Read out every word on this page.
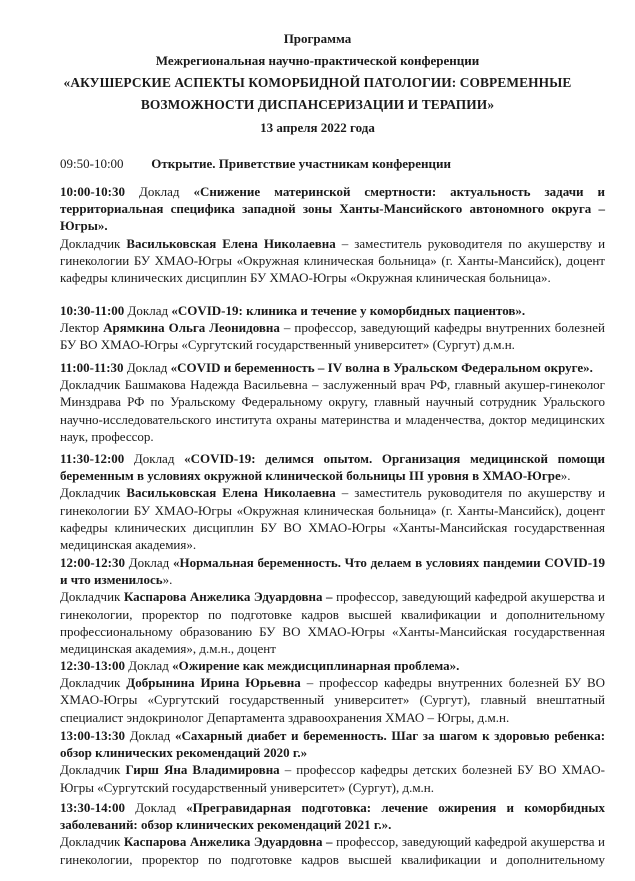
Программа
Межрегиональная научно-практической конференции
«АКУШЕРСКИЕ АСПЕКТЫ КОМОРБИДНОЙ ПАТОЛОГИИ: СОВРЕМЕННЫЕ
ВОЗМОЖНОСТИ ДИСПАНСЕРИЗАЦИИ И ТЕРАПИИ»
13 апреля 2022 года
09:50-10:00 Открытие. Приветствие участникам конференции

10:00-10:30 Доклад «Снижение материнской смертности: актуальность задачи и территориальная специфика западной зоны Ханты-Мансийского автономного округа – Югры».

Докладчик Васильковская Елена Николаевна – заместитель руководителя по акушерству и гинекологии БУ ХМАО-Югры «Окружная клиническая больница» (г. Ханты-Мансийск), доцент кафедры клинических дисциплин БУ ХМАО-Югры «Окружная клиническая больница».

10:30-11:00 Доклад «COVID-19: клиника и течение у коморбидных пациентов».

Лектор Арямкина Ольга Леонидовна – профессор, заведующий кафедры внутренних болезней БУ ВО ХМАО-Югры «Сургутский государственный университет» (Сургут) д.м.н.

11:00-11:30 Доклад «COVID и беременность – IV волна в Уральском Федеральном округе».

Докладчик Башмакова Надежда Васильевна – заслуженный врач РФ, главный акушер-гинеколог Минздрава РФ по Уральскому Федеральному округу, главный научный сотрудник Уральского научно-исследовательского института охраны материнства и младенчества, доктор медицинских наук, профессор.

11:30-12:00 Доклад «COVID-19: делимся опытом. Организация медицинской помощи беременным в условиях окружной клинической больницы III уровня в ХМАО-Югре».

Докладчик Васильковская Елена Николаевна – заместитель руководителя по акушерству и гинекологии БУ ХМАО-Югры «Окружная клиническая больница» (г. Ханты-Мансийск), доцент кафедры клинических дисциплин БУ ВО ХМАО-Югры «Ханты-Мансийская государственная медицинская академия».

12:00-12:30 Доклад «Нормальная беременность. Что делаем в условиях пандемии COVID-19 и что изменилось».

Докладчик Каспарова Анжелика Эдуардовна – профессор, заведующий кафедрой акушерства и гинекологии, проректор по подготовке кадров высшей квалификации и дополнительному профессиональному образованию БУ ВО ХМАО-Югры «Ханты-Мансийская государственная медицинская академия», д.м.н., доцент

12:30-13:00 Доклад «Ожирение как междисциплинарная проблема».

Докладчик Добрынина Ирина Юрьевна – профессор кафедры внутренних болезней БУ ВО ХМАО-Югры «Сургутский государственный университет» (Сургут), главный внештатный специалист эндокринолог Департамента здравоохранения ХМАО – Югры, д.м.н.

13:00-13:30 Доклад «Сахарный диабет и беременность. Шаг за шагом к здоровью ребенка: обзор клинических рекомендаций 2020 г.»

Докладчик Гирш Яна Владимировна – профессор кафедры детских болезней БУ ВО ХМАО-Югры «Сургутский государственный университет» (Сургут), д.м.н.

13:30-14:00 Доклад «Прегравидарная подготовка: лечение ожирения и коморбидных заболеваний: обзор клинических рекомендаций 2021 г.».

Докладчик Каспарова Анжелика Эдуардовна – профессор, заведующий кафедрой акушерства и гинекологии, проректор по подготовке кадров высшей квалификации и дополнительному
